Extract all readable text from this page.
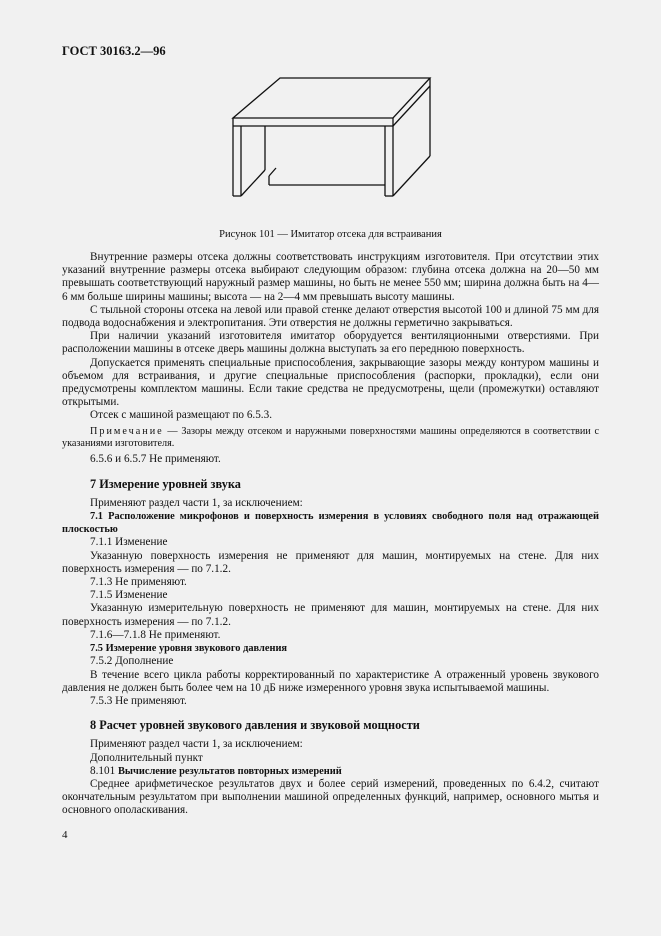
ГОСТ 30163.2—96
Рисунок 101 — Имитатор отсека для встраивания

Внутренние размеры отсека должны соответствовать инструкциям изготовителя. При отсутствии этих указаний внутренние размеры отсека выбирают следующим образом: глубина отсека должна на 20—50 мм превышать соответствующий наружный размер машины, но быть не менее 550 мм; ширина должна быть на 4—6 мм больше ширины машины; высота — на 2—4 мм превышать высоту машины.

С тыльной стороны отсека на левой или правой стенке делают отверстия высотой 100 и длиной 75 мм для подвода водоснабжения и электропитания. Эти отверстия не должны герметично закрываться.

При наличии указаний изготовителя имитатор оборудуется вентиляционными отверстиями. При расположении машины в отсеке дверь машины должна выступать за его переднюю поверхность.

Допускается применять специальные приспособления, закрывающие зазоры между контуром машины и объемом для встраивания, и другие специальные приспособления (распорки, прокладки), если они предусмотрены комплектом машины. Если такие средства не предусмотрены, щели (промежутки) оставляют открытыми.

Отсек с машиной размещают по 6.5.3.

Примечание — Зазоры между отсеком и наружными поверхностями машины определяются в соответствии с указаниями изготовителя.

6.5.6 и 6.5.7 Не применяют.

7 Измерение уровней звука

Применяют раздел части 1, за исключением:

7.1 Расположение микрофонов и поверхность измерения в условиях свободного поля над отражающей плоскостью

7.1.1 Изменение

Указанную поверхность измерения не применяют для машин, монтируемых на стене. Для них поверхность измерения — по 7.1.2.

7.1.3 Не применяют.

7.1.5 Изменение

Указанную измерительную поверхность не применяют для машин, монтируемых на стене. Для них поверхность измерения — по 7.1.2.

7.1.6—7.1.8 Не применяют.

7.5 Измерение уровня звукового давления

7.5.2 Дополнение

В течение всего цикла работы корректированный по характеристике А отраженный уровень звукового давления не должен быть более чем на 10 дБ ниже измеренного уровня звука испытываемой машины.

7.5.3 Не применяют.

8 Расчет уровней звукового давления и звуковой мощности

Применяют раздел части 1, за исключением:

Дополнительный пункт

8.101 Вычисление результатов повторных измерений

Среднее арифметическое результатов двух и более серий измерений, проведенных по 6.4.2, считают окончательным результатом при выполнении машиной определенных функций, например, основного мытья и основного ополаскивания.

4
